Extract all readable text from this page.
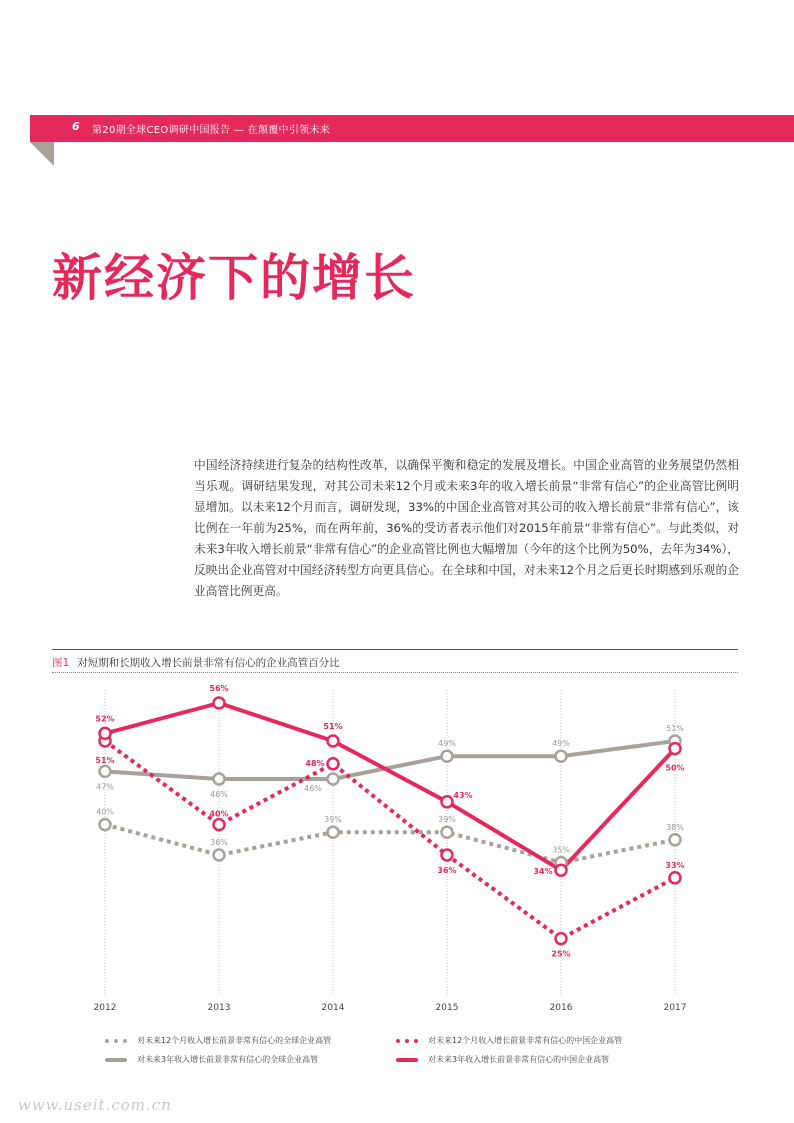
6 第20期全球CEO调研中国报告 — 在颠覆中引领未来
新经济下的增长

中国经济持续进行复杂的结构性改革，以确保平衡和稳定的发展及增长。中国企业高管的业务展望仍然相当乐观。调研结果发现，对其公司未来12个月或未来3年的收入增长前景“非常有信心”的企业高管比例明显增加。以未来12个月而言，调研发现，33%的中国企业高管对其公司的收入增长前景“非常有信心”，该比例在一年前为25%，而在两年前，36%的受访者表示他们对2015年前景“非常有信心”。与此类似，对未来3年收入增长前景“非常有信心”的企业高管比例也大幅增加（今年的这个比例为50%，去年为34%），反映出企业高管对中国经济转型方向更具信心。在全球和中国，对未来12个月之后更长时期感到乐观的企业高管比例更高。

图1 对短期和长期收入增长前景非常有信心的企业高管百分比
2012	2013	2014	2015	2016	2017
40%
36%
39%	39%
35%
38%
47%
46%
46%
49%	49%
51%
51%
40%
48%
36%
25%
33%
52%
56%
51%
43%
34%
50%
对未来12个月收入增长前景非常有信心的全球企业高管	对未来12个月收入增长前景非常有信心的中国企业高管
对未来3年收入增长前景非常有信心的全球企业高管	对未来3年收入增长前景非常有信心的中国企业高管
www.useit.com.cn
